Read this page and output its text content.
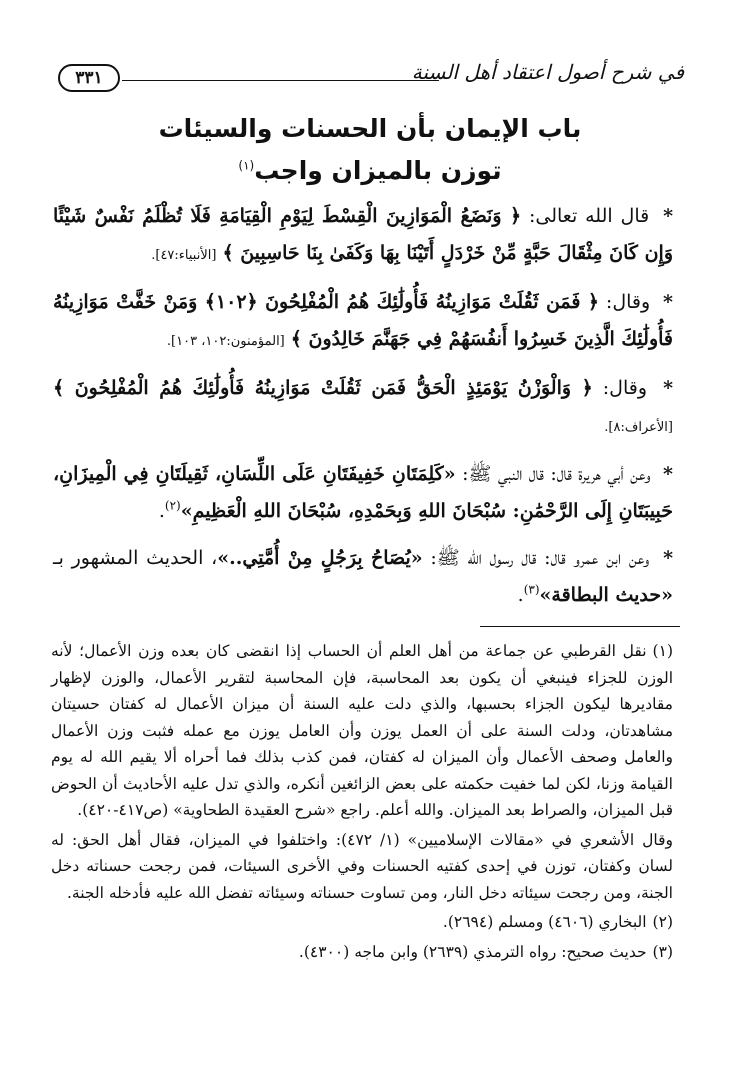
في شرح أصول اعتقاد أهل السنة
٣٣١
باب الإيمان بأن الحسنات والسيئات
توزن بالميزان واجب$^{(١)}$

* قال الله تعالى: ﴿ وَنَضَعُ الْمَوَازِينَ الْقِسْطَ لِيَوْمِ الْقِيَامَةِ فَلَا تُظْلَمُ نَفْسٌ شَيْئًا وَإِن كَانَ مِثْقَالَ حَبَّةٍ مِّنْ خَرْدَلٍ أَتَيْنَا بِهَا وَكَفَىٰ بِنَا حَاسِبِينَ ﴾ [الأنبياء:٤٧].

* وقال: ﴿ فَمَن ثَقُلَتْ مَوَازِينُهُ فَأُولَٰئِكَ هُمُ الْمُفْلِحُونَ ﴿١٠٢﴾ وَمَنْ خَفَّتْ مَوَازِينُهُ فَأُولَٰئِكَ الَّذِينَ خَسِرُوا أَنفُسَهُمْ فِي جَهَنَّمَ خَالِدُونَ ﴾ [المؤمنون:١٠٢، ١٠٣].

* وقال: ﴿ وَالْوَزْنُ يَوْمَئِذٍ الْحَقُّ فَمَن ثَقُلَتْ مَوَازِينُهُ فَأُولَٰئِكَ هُمُ الْمُفْلِحُونَ ﴾ [الأعراف:٨].

* وعن أبي هريرة قال: قال النبي ﷺ: «كَلِمَتَانِ خَفِيفَتَانِ عَلَى اللِّسَانِ، ثَقِيلَتَانِ فِي الْمِيزَانِ، حَبِيبَتَانِ إِلَى الرَّحْمَٰنِ: سُبْحَانَ اللهِ وَبِحَمْدِهِ، سُبْحَانَ اللهِ الْعَظِيمِ»$^{(٢)}$.

* وعن ابن عمرو قال: قال رسول الله ﷺ: «يُصَاحُ بِرَجُلٍ مِنْ أُمَّتِي..»، الحديث المشهور بـ «حديث البطاقة»$^{(٣)}$.

(١)نقل القرطبي عن جماعة من أهل العلم أن الحساب إذا انقضى كان بعده وزن الأعمال؛ لأنه الوزن للجزاء فينبغي أن يكون بعد المحاسبة، فإن المحاسبة لتقرير الأعمال، والوزن لإظهار مقاديرها ليكون الجزاء بحسبها، والذي دلت عليه السنة أن ميزان الأعمال له كفتان حسيتان مشاهدتان، ودلت السنة على أن العمل يوزن وأن العامل يوزن مع عمله فثبت وزن الأعمال والعامل وصحف الأعمال وأن الميزان له كفتان، فمن كذب بذلك فما أحراه ألا يقيم الله له يوم القيامة وزنا، لكن لما خفيت حكمته على بعض الزائغين أنكره، والذي تدل عليه الأحاديث أن الحوض قبل الميزان، والصراط بعد الميزان. والله أعلم. راجع «شرح العقيدة الطحاوية» (ص٤١٧-٤٢٠).

وقال الأشعري في «مقالات الإسلاميين» (١/ ٤٧٢): واختلفوا في الميزان، فقال أهل الحق: له لسان وكفتان، توزن في إحدى كفتيه الحسنات وفي الأخرى السيئات، فمن رجحت حسناته دخل الجنة، ومن رجحت سيئاته دخل النار، ومن تساوت حسناته وسيئاته تفضل الله عليه فأدخله الجنة.

(٢)البخاري (٤٦٠٦) ومسلم (٢٦٩٤).

(٣)حديث صحيح: رواه الترمذي (٢٦٣٩) وابن ماجه (٤٣٠٠).
